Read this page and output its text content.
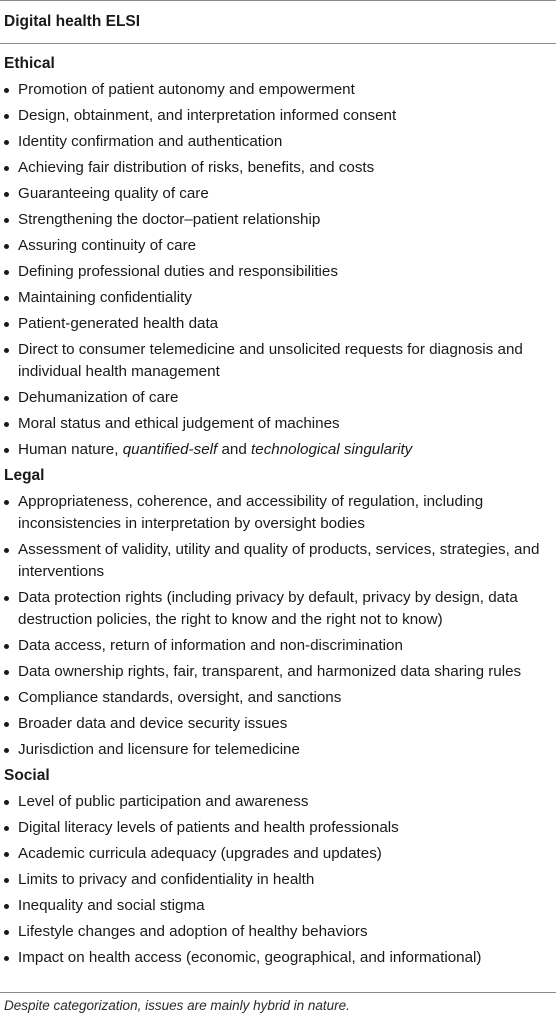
Digital health ELSI
Ethical
Promotion of patient autonomy and empowerment
Design, obtainment, and interpretation informed consent
Identity confirmation and authentication
Achieving fair distribution of risks, benefits, and costs
Guaranteeing quality of care
Strengthening the doctor–patient relationship
Assuring continuity of care
Defining professional duties and responsibilities
Maintaining confidentiality
Patient-generated health data
Direct to consumer telemedicine and unsolicited requests for diagnosis and individual health management
Dehumanization of care
Moral status and ethical judgement of machines
Human nature, quantified-self and technological singularity
Legal
Appropriateness, coherence, and accessibility of regulation, including inconsistencies in interpretation by oversight bodies
Assessment of validity, utility and quality of products, services, strategies, and interventions
Data protection rights (including privacy by default, privacy by design, data destruction policies, the right to know and the right not to know)
Data access, return of information and non-discrimination
Data ownership rights, fair, transparent, and harmonized data sharing rules
Compliance standards, oversight, and sanctions
Broader data and device security issues
Jurisdiction and licensure for telemedicine
Social
Level of public participation and awareness
Digital literacy levels of patients and health professionals
Academic curricula adequacy (upgrades and updates)
Limits to privacy and confidentiality in health
Inequality and social stigma
Lifestyle changes and adoption of healthy behaviors
Impact on health access (economic, geographical, and informational)
Despite categorization, issues are mainly hybrid in nature.
